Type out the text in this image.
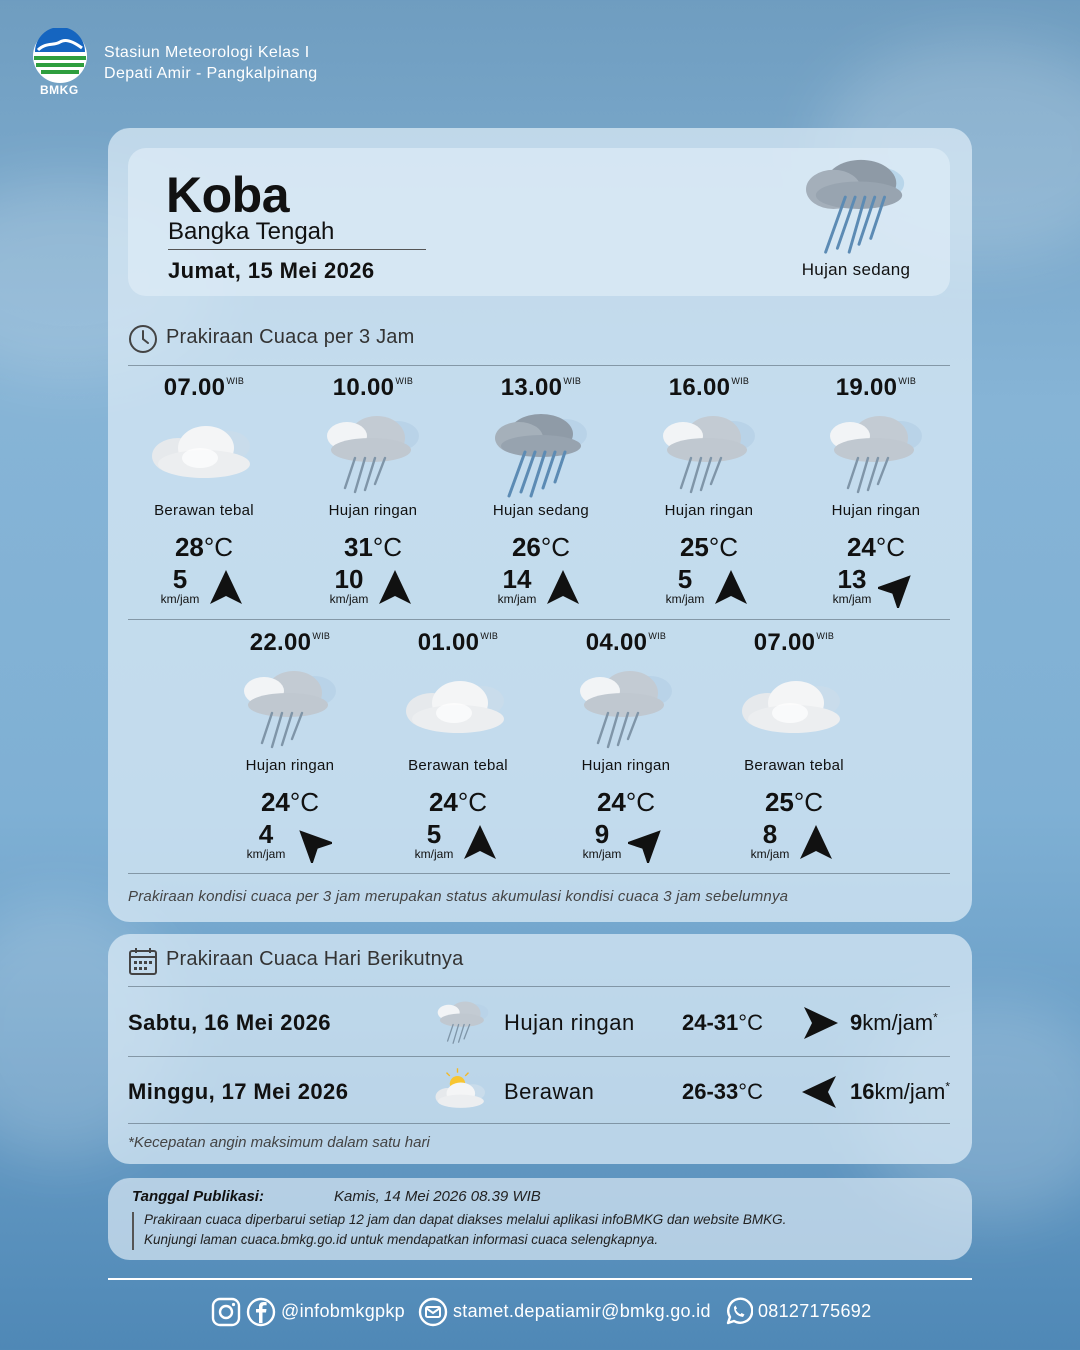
BMKG
Stasiun Meteorologi Kelas I
Depati Amir - Pangkalpinang
Koba
Bangka Tengah
Jumat, 15 Mei 2026	Hujan sedang
Prakiraan Cuaca per 3 Jam
$07.00^{WIB}$
Berawan tebal
28°C
5
km/jam
$10.00^{WIB}$
Hujan ringan
31°C
10
km/jam
$13.00^{WIB}$
Hujan sedang
26°C
14
km/jam
$16.00^{WIB}$
Hujan ringan
25°C
5
km/jam
$19.00^{WIB}$
Hujan ringan
24°C
13
km/jam
$22.00^{WIB}$
Hujan ringan
24°C
4
km/jam
$01.00^{WIB}$
Berawan tebal
24°C
5
km/jam
$04.00^{WIB}$
Hujan ringan
24°C
9
km/jam
$07.00^{WIB}$
Berawan tebal
25°C
8
km/jam
Prakiraan kondisi cuaca per 3 jam merupakan status akumulasi kondisi cuaca 3 jam sebelumnya
Prakiraan Cuaca Hari Berikutnya
Sabtu, 16 Mei 2026	Hujan ringan 24-31°C	9km/jam*
Minggu, 17 Mei 2026	Berawan	26-33°C	16km/jam*
*Kecepatan angin maksimum dalam satu hari
Tanggal Publikasi:	Kamis, 14 Mei 2026 08.39 WIB
Prakiraan cuaca diperbarui setiap 12 jam dan dapat diakses melalui aplikasi infoBMKG dan website BMKG.
Kunjungi laman cuaca.bmkg.go.id untuk mendapatkan informasi cuaca selengkapnya.
@infobmkgpkp	stamet.depatiamir@bmkg.go.id	08127175692
